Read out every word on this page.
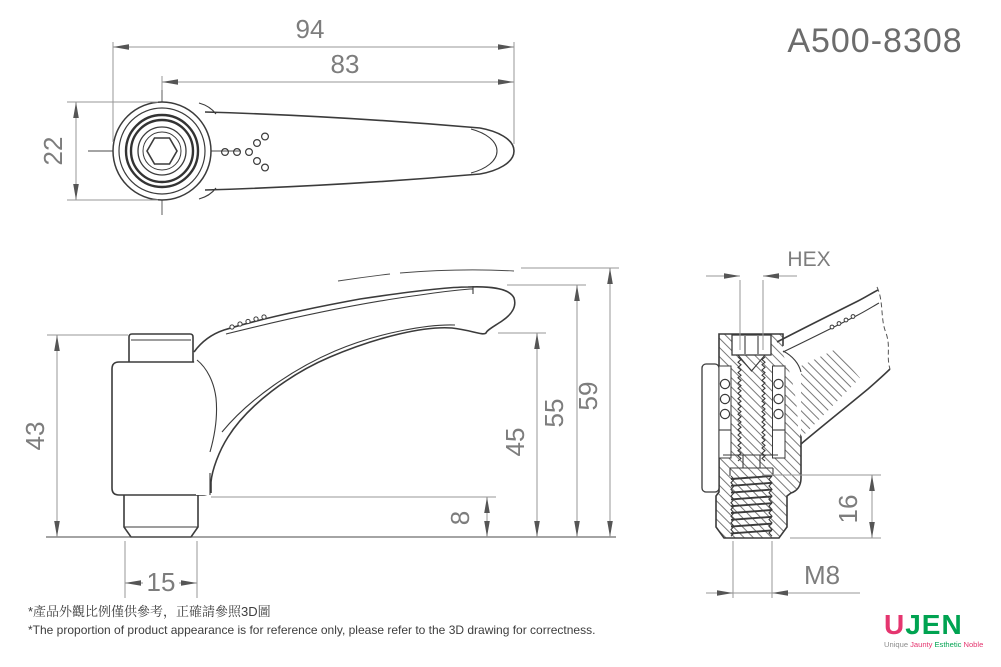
94
83
22
43
15
8
45
55
59
HEX
16
M8
A500-8308
*產品外觀比例僅供參考，正確請參照3D圖
*The proportion of product appearance is for reference only, please refer to the 3D drawing for correctness.	UJEN
Unique Jaunty Esthetic Noble
